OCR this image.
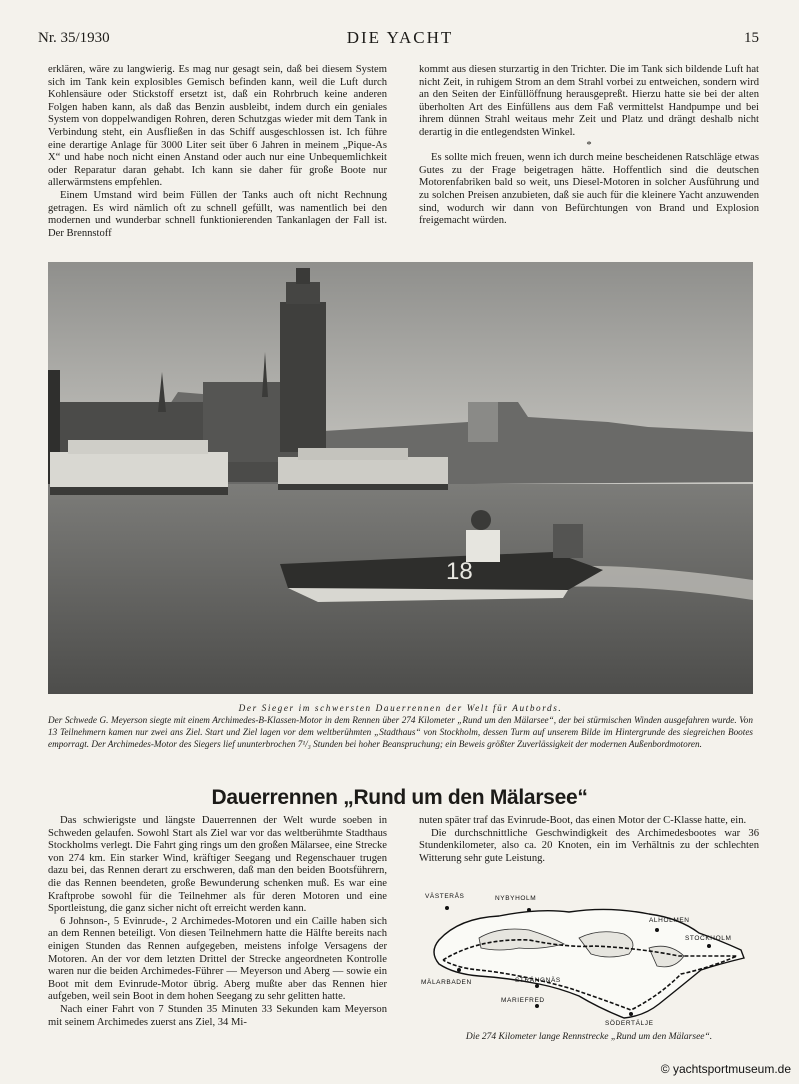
Nr. 35/1930	DIE YACHT	15

erklären, wäre zu langwierig. Es mag nur gesagt sein, daß bei diesem System sich im Tank kein explosibles Gemisch befinden kann, weil die Luft durch Kohlensäure oder Stickstoff ersetzt ist, daß ein Rohrbruch keine anderen Folgen haben kann, als daß das Benzin ausbleibt, indem durch ein geniales System von doppelwandigen Rohren, deren Schutzgas wieder mit dem Tank in Verbindung steht, ein Ausfließen in das Schiff ausgeschlossen ist. Ich führe eine derartige Anlage für 3000 Liter seit über 6 Jahren in meinem „Pique-As X“ und habe noch nicht einen Anstand oder auch nur eine Unbequemlichkeit oder Reparatur daran gehabt. Ich kann sie daher für große Boote nur allerwärmstens empfehlen.

Einem Umstand wird beim Füllen der Tanks auch oft nicht Rechnung getragen. Es wird nämlich oft zu schnell gefüllt, was namentlich bei den modernen und wunderbar schnell funktionierenden Tankanlagen der Fall ist. Der Brennstoff

kommt aus diesen sturzartig in den Trichter. Die im Tank sich bildende Luft hat nicht Zeit, in ruhigem Strom an dem Strahl vorbei zu entweichen, sondern wird an den Seiten der Einfüllöffnung herausgepreßt. Hierzu hatte sie bei der alten überholten Art des Einfüllens aus dem Faß vermittelst Handpumpe und bei ihrem dünnen Strahl weitaus mehr Zeit und Platz und drängt deshalb nicht derartig in die entlegendsten Winkel.

*

Es sollte mich freuen, wenn ich durch meine bescheidenen Ratschläge etwas Gutes zu der Frage beigetragen hätte. Hoffentlich sind die deutschen Motorenfabriken bald so weit, uns Diesel-Motoren in solcher Ausführung und zu solchen Preisen anzubieten, daß sie auch für die kleinere Yacht anzuwenden sind, wodurch wir dann von Befürchtungen von Brand und Explosion freigemacht würden.

18
Der Sieger im schwersten Dauerrennen der Welt für Autbords.
Der Schwede G. Meyerson siegte mit einem Archimedes-B-Klassen-Motor in dem Rennen über 274 Kilometer „Rund um den Mälarsee“, der bei stürmischen Winden ausgefahren wurde. Von 13 Teilnehmern kamen nur zwei ans Ziel. Start und Ziel lagen vor dem weltberühmten „Stadthaus“ von Stockholm, dessen Turm auf unserem Bilde im Hintergrunde des siegreichen Bootes emporragt. Der Archimedes-Motor des Siegers lief ununterbrochen 7¹/₃ Stunden bei hoher Beanspruchung; ein Beweis größter Zuverlässigkeit der modernen Außenbordmotoren.
Dauerrennen „Rund um den Mälarsee“

Das schwierigste und längste Dauerrennen der Welt wurde soeben in Schweden gelaufen. Sowohl Start als Ziel war vor das weltberühmte Stadthaus Stockholms verlegt. Die Fahrt ging rings um den großen Mälarsee, eine Strecke von 274 km. Ein starker Wind, kräftiger Seegang und Regenschauer trugen dazu bei, das Rennen derart zu erschweren, daß man den beiden Bootsführern, die das Rennen beendeten, große Bewunderung schenken muß. Es war eine Kraftprobe sowohl für die Teilnehmer als für deren Motoren und eine Sportleistung, die ganz sicher nicht oft erreicht werden kann.

6 Johnson-, 5 Evinrude-, 2 Archimedes-Motoren und ein Caille haben sich an dem Rennen beteiligt. Von diesen Teilnehmern hatte die Hälfte bereits nach einigen Stunden das Rennen aufgegeben, meistens infolge Versagens der Motoren. An der vor dem letzten Drittel der Strecke angeordneten Kontrolle waren nur die beiden Archimedes-Führer — Meyerson und Aberg — sowie ein Boot mit dem Evinrude-Motor übrig. Aberg mußte aber das Rennen hier aufgeben, weil sein Boot in dem hohen Seegang zu sehr gelitten hatte.

Nach einer Fahrt von 7 Stunden 35 Minuten 33 Sekunden kam Meyerson mit seinem Archimedes zuerst ans Ziel, 34 Mi-

nuten später traf das Evinrude-Boot, das einen Motor der C-Klasse hatte, ein.

Die durchschnittliche Geschwindigkeit des Archimedesbootes war 36 Stundenkilometer, also ca. 20 Knoten, ein im Verhältnis zu der schlechten Witterung sehr gute Leistung.

VÄSTERÅS	NYBYHOLM
ALHOLMEN
STOCKHOLM
MÄLARBADEN	STRÄNGNÄS
MARIEFRED
SÖDERTÄLJE
Die 274 Kilometer lange Rennstrecke „Rund um den Mälarsee“.
© yachtsportmuseum.de
